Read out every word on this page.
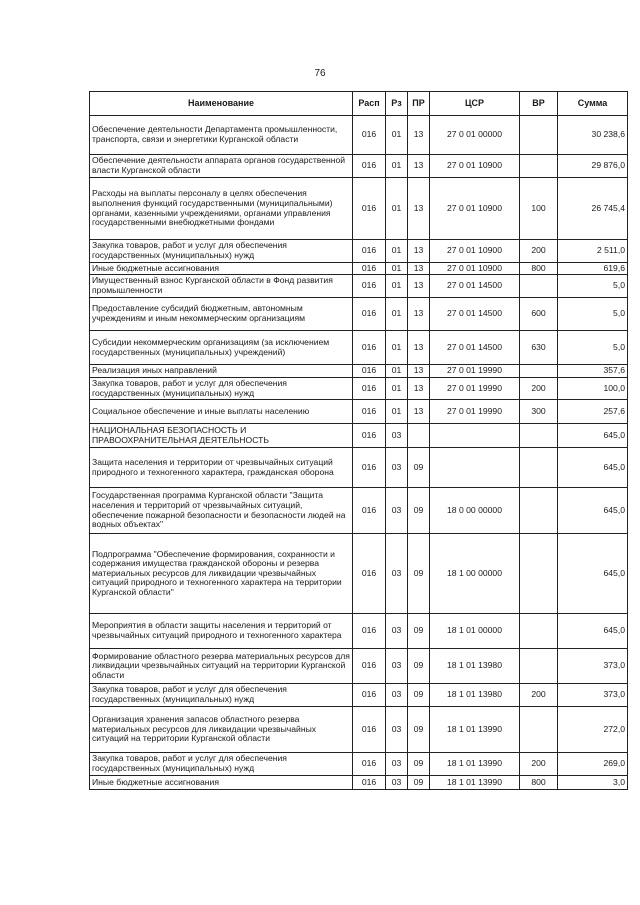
76
Наименование	Расп	Рз	ПР	ЦСР	ВР	Сумма
Обеспечение деятельности Департамента промышленности, транспорта, связи и энергетики Курганской области	016	01	13	27 0 01 00000		30 238,6
Обеспечение деятельности аппарата органов государственной власти Курганской области	016	01	13	27 0 01 10900		29 876,0
Расходы на выплаты персоналу в целях обеспечения выполнения функций государственными (муниципальными) органами, казенными учреждениями, органами управления государственными внебюджетными фондами	016	01	13	27 0 01 10900	100	26 745,4
Закупка товаров, работ и услуг для обеспечения государственных (муниципальных) нужд	016	01	13	27 0 01 10900	200	2 511,0
Иные бюджетные ассигнования	016	01	13	27 0 01 10900	800	619,6
Имущественный взнос Курганской области в Фонд развития промышленности	016	01	13	27 0 01 14500		5,0
Предоставление субсидий бюджетным, автономным учреждениям и иным некоммерческим организациям	016	01	13	27 0 01 14500	600	5,0
Субсидии некоммерческим организациям (за исключением государственных (муниципальных) учреждений)	016	01	13	27 0 01 14500	630	5,0
Реализация иных направлений	016	01	13	27 0 01 19990		357,6
Закупка товаров, работ и услуг для обеспечения государственных (муниципальных) нужд	016	01	13	27 0 01 19990	200	100,0
Социальное обеспечение и иные выплаты населению	016	01	13	27 0 01 19990	300	257,6
НАЦИОНАЛЬНАЯ БЕЗОПАСНОСТЬ И ПРАВООХРАНИТЕЛЬНАЯ ДЕЯТЕЛЬНОСТЬ	016	03				645,0
Защита населения и территории от чрезвычайных ситуаций природного и техногенного характера, гражданская оборона	016	03	09			645,0
Государственная программа Курганской области "Защита населения и территорий от чрезвычайных ситуаций, обеспечение пожарной безопасности и безопасности людей на водных объектах"	016	03	09	18 0 00 00000		645,0
Подпрограмма "Обеспечение формирования, сохранности и содержания имущества гражданской обороны и резерва материальных ресурсов для ликвидации чрезвычайных ситуаций природного и техногенного характера на территории Курганской области"	016	03	09	18 1 00 00000		645,0
Мероприятия в области защиты населения и территорий от чрезвычайных ситуаций природного и техногенного характера	016	03	09	18 1 01 00000		645,0
Формирование областного резерва материальных ресурсов для ликвидации чрезвычайных ситуаций на территории Курганской области	016	03	09	18 1 01 13980		373,0
Закупка товаров, работ и услуг для обеспечения государственных (муниципальных) нужд	016	03	09	18 1 01 13980	200	373,0
Организация хранения запасов областного резерва материальных ресурсов для ликвидации чрезвычайных ситуаций на территории Курганской области	016	03	09	18 1 01 13990		272,0
Закупка товаров, работ и услуг для обеспечения государственных (муниципальных) нужд	016	03	09	18 1 01 13990	200	269,0
Иные бюджетные ассигнования	016	03	09	18 1 01 13990	800	3,0
